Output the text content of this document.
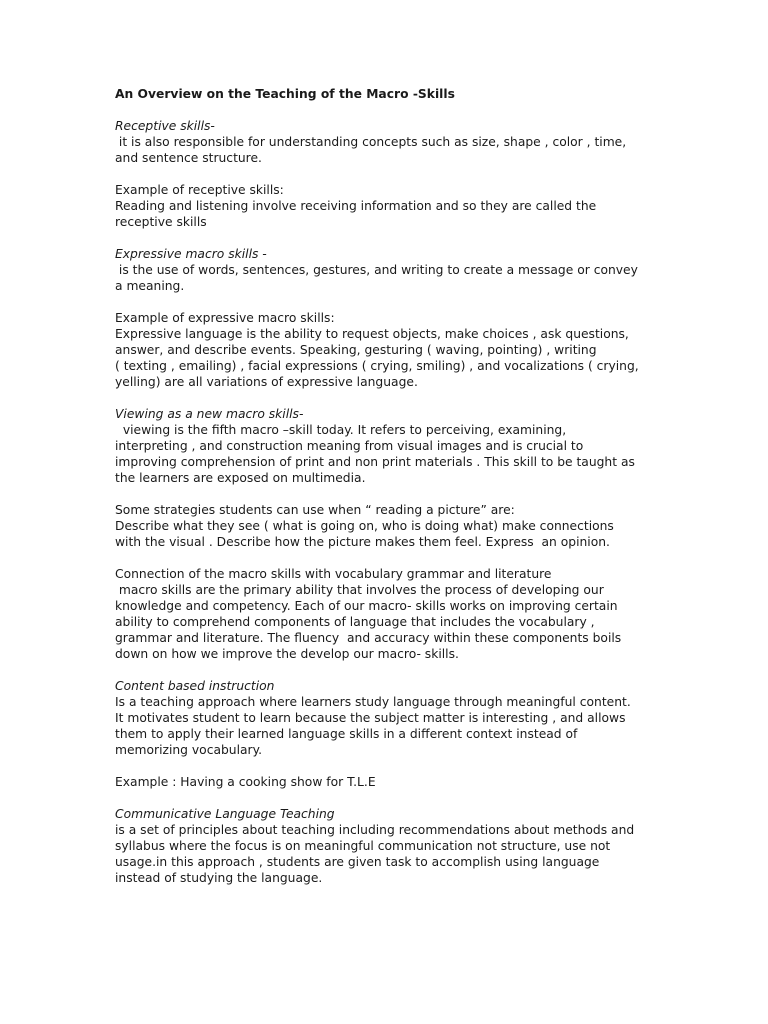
An Overview on the Teaching of the Macro -Skills
Receptive skills-
it is also responsible for understanding concepts such as size, shape , color , time,
and sentence structure.
Example of receptive skills:
Reading and listening involve receiving information and so they are called the
receptive skills
Expressive macro skills -
is the use of words, sentences, gestures, and writing to create a message or convey
a meaning.
Example of expressive macro skills:
Expressive language is the ability to request objects, make choices , ask questions,
answer, and describe events. Speaking, gesturing ( waving, pointing) , writing
( texting , emailing) , facial expressions ( crying, smiling) , and vocalizations ( crying,
yelling) are all variations of expressive language.
Viewing as a new macro skills-
viewing is the fifth macro –skill today. It refers to perceiving, examining,
interpreting , and construction meaning from visual images and is crucial to
improving comprehension of print and non print materials . This skill to be taught as
the learners are exposed on multimedia.
Some strategies students can use when “ reading a picture” are:
Describe what they see ( what is going on, who is doing what) make connections
with the visual . Describe how the picture makes them feel. Express  an opinion.
Connection of the macro skills with vocabulary grammar and literature
macro skills are the primary ability that involves the process of developing our
knowledge and competency. Each of our macro- skills works on improving certain
ability to comprehend components of language that includes the vocabulary ,
grammar and literature. The fluency  and accuracy within these components boils
down on how we improve the develop our macro- skills.
Content based instruction
Is a teaching approach where learners study language through meaningful content.
It motivates student to learn because the subject matter is interesting , and allows
them to apply their learned language skills in a different context instead of
memorizing vocabulary.
Example : Having a cooking show for T.L.E
Communicative Language Teaching
is a set of principles about teaching including recommendations about methods and
syllabus where the focus is on meaningful communication not structure, use not
usage.in this approach , students are given task to accomplish using language
instead of studying the language.
